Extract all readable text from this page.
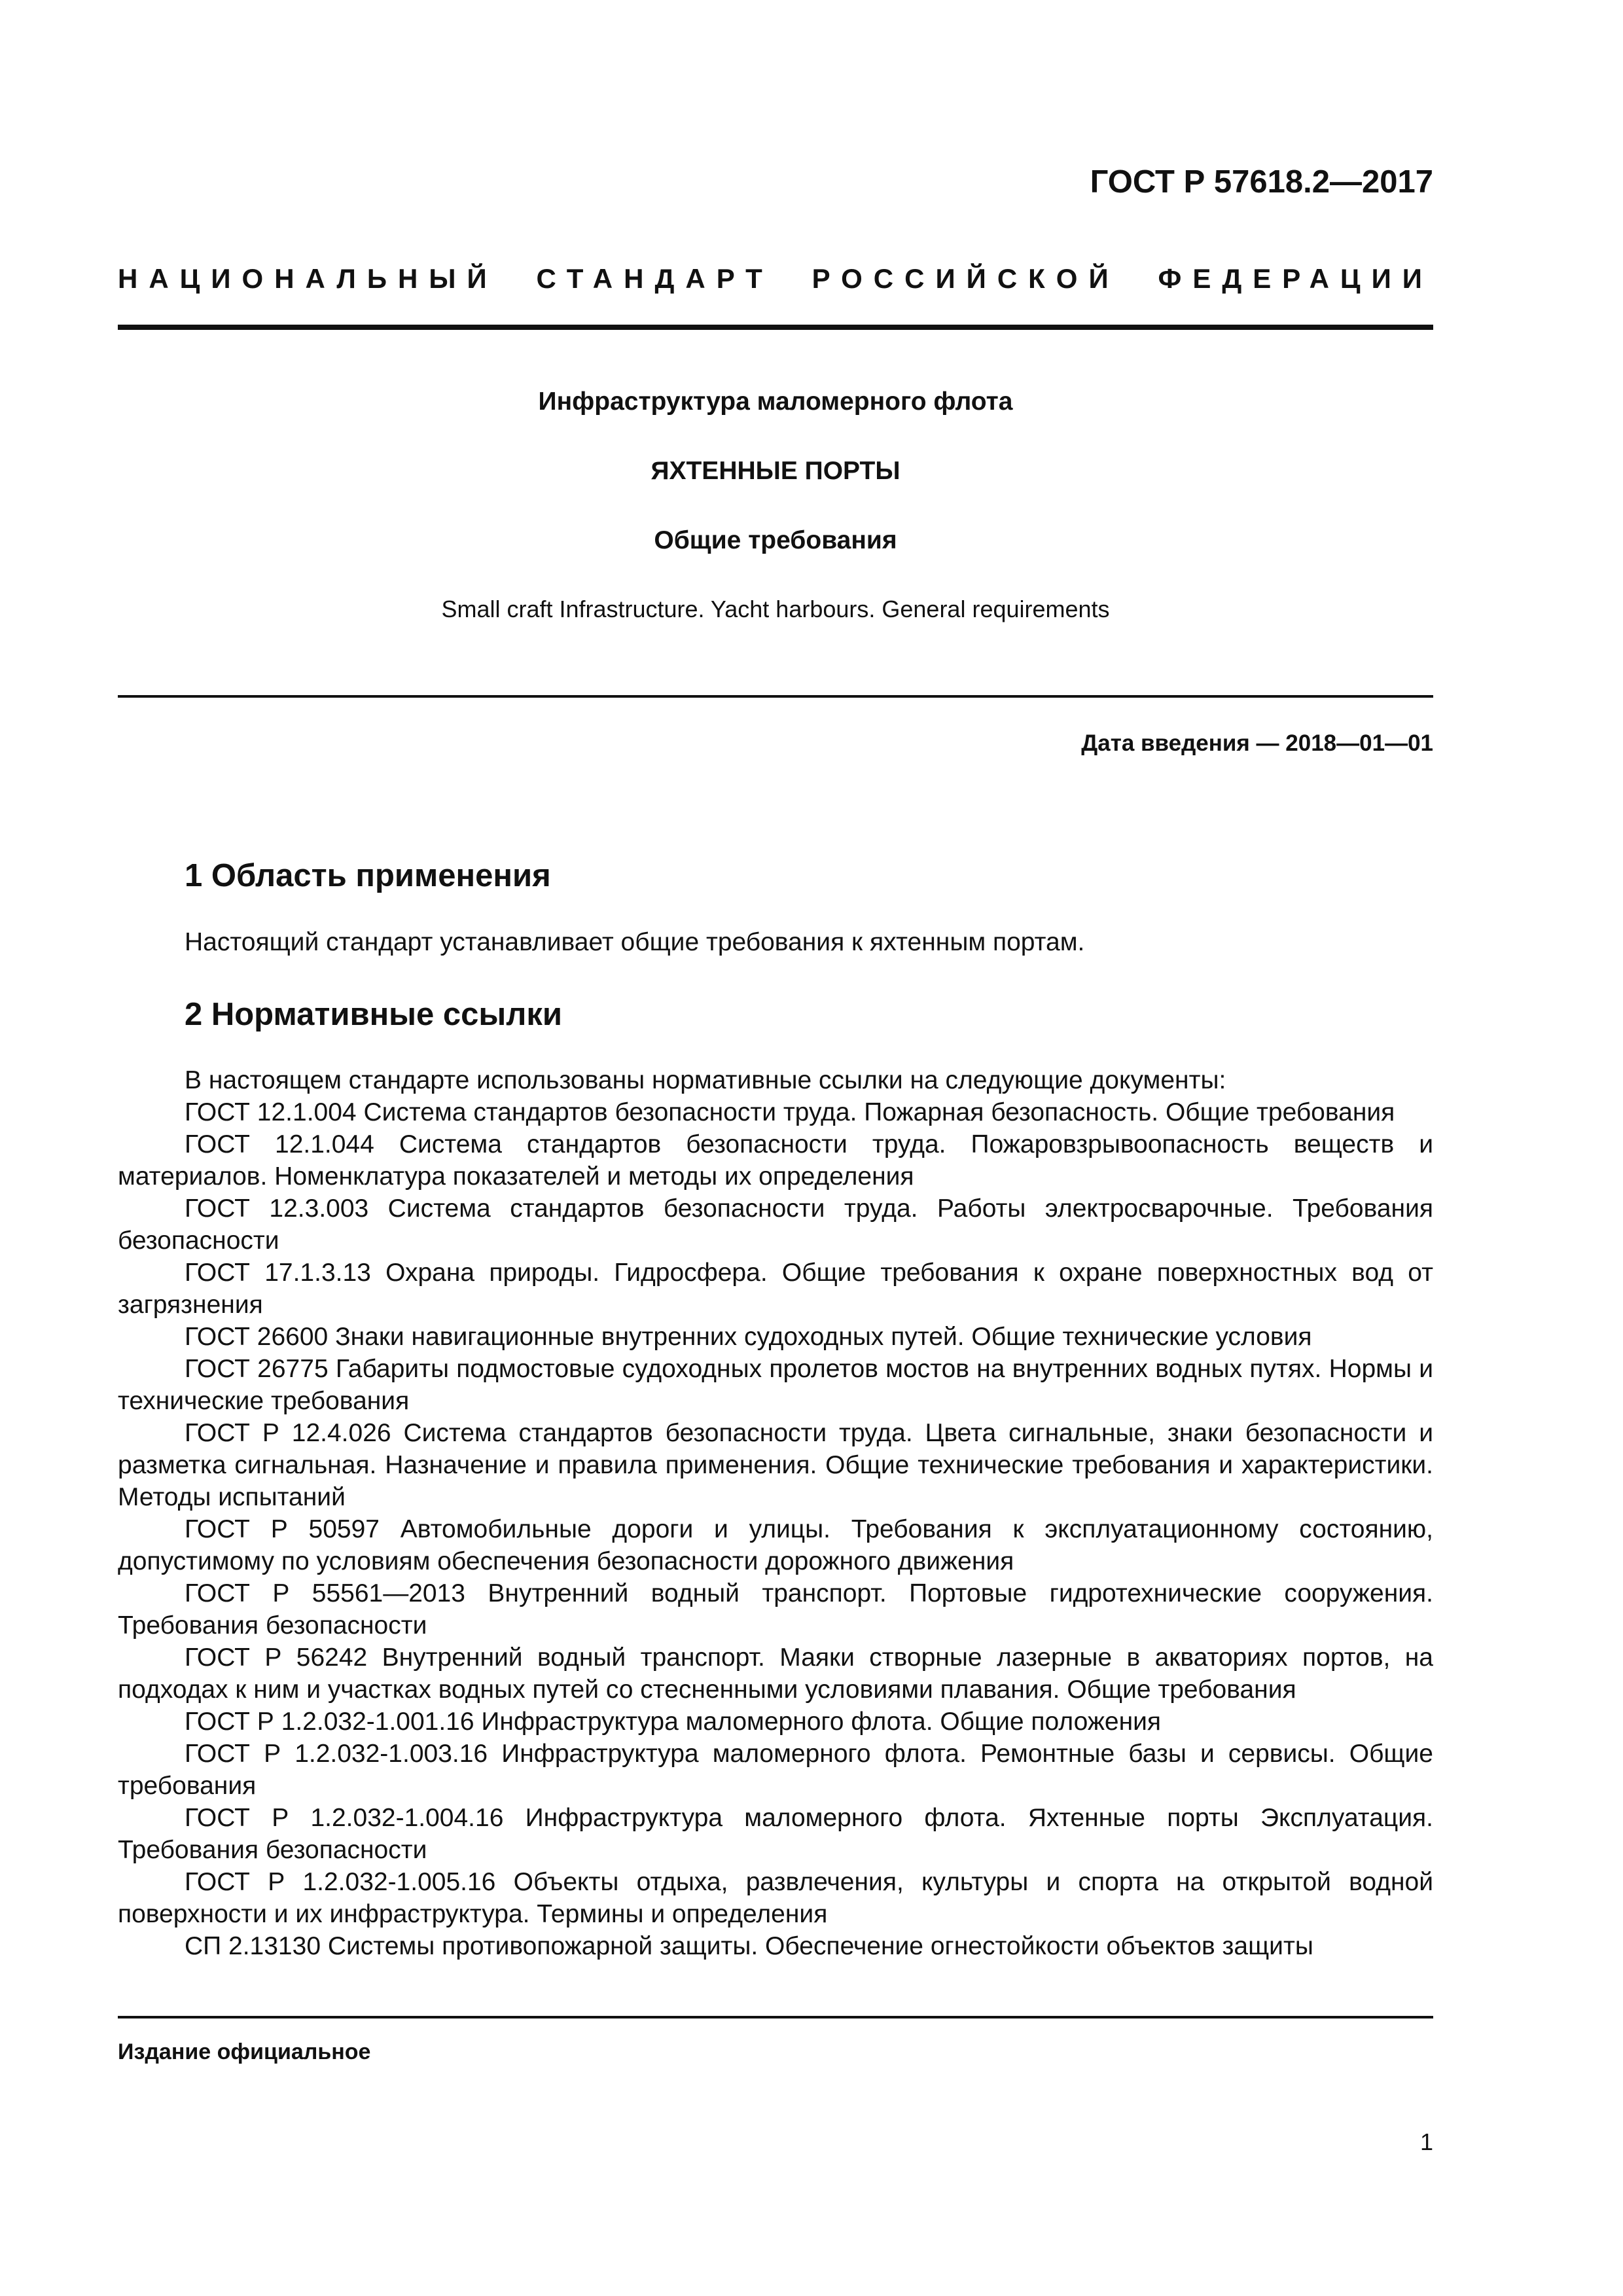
ГОСТ Р 57618.2—2017
НАЦИОНАЛЬНЫЙ СТАНДАРТ РОССИЙСКОЙ ФЕДЕРАЦИИ
Инфраструктура маломерного флота
ЯХТЕННЫЕ ПОРТЫ
Общие требования
Small craft Infrastructure. Yacht harbours. General requirements
Дата введения — 2018—01—01
1 Область применения
Настоящий стандарт устанавливает общие требования к яхтенным портам.
2 Нормативные ссылки

В настоящем стандарте использованы нормативные ссылки на следующие документы:

ГОСТ 12.1.004 Система стандартов безопасности труда. Пожарная безопасность. Общие требования

ГОСТ 12.1.044 Система стандартов безопасности труда. Пожаровзрывоопасность веществ и материалов. Номенклатура показателей и методы их определения

ГОСТ 12.3.003 Система стандартов безопасности труда. Работы электросварочные. Требования безопасности

ГОСТ 17.1.3.13 Охрана природы. Гидросфера. Общие требования к охране поверхностных вод от загрязнения

ГОСТ 26600 Знаки навигационные внутренних судоходных путей. Общие технические условия

ГОСТ 26775 Габариты подмостовые судоходных пролетов мостов на внутренних водных путях. Нормы и технические требования

ГОСТ Р 12.4.026 Система стандартов безопасности труда. Цвета сигнальные, знаки безопасности и разметка сигнальная. Назначение и правила применения. Общие технические требования и характеристики. Методы испытаний

ГОСТ Р 50597 Автомобильные дороги и улицы. Требования к эксплуатационному состоянию, допустимому по условиям обеспечения безопасности дорожного движения

ГОСТ Р 55561—2013 Внутренний водный транспорт. Портовые гидротехнические сооружения. Требования безопасности

ГОСТ Р 56242 Внутренний водный транспорт. Маяки створные лазерные в акваториях портов, на подходах к ним и участках водных путей со стесненными условиями плавания. Общие требования

ГОСТ Р 1.2.032-1.001.16 Инфраструктура маломерного флота. Общие положения

ГОСТ Р 1.2.032-1.003.16 Инфраструктура маломерного флота. Ремонтные базы и сервисы. Общие требования

ГОСТ Р 1.2.032-1.004.16 Инфраструктура маломерного флота. Яхтенные порты Эксплуатация. Требования безопасности

ГОСТ Р 1.2.032-1.005.16 Объекты отдыха, развлечения, культуры и спорта на открытой водной поверхности и их инфраструктура. Термины и определения

СП 2.13130 Системы противопожарной защиты. Обеспечение огнестойкости объектов защиты

Издание официальное
1
